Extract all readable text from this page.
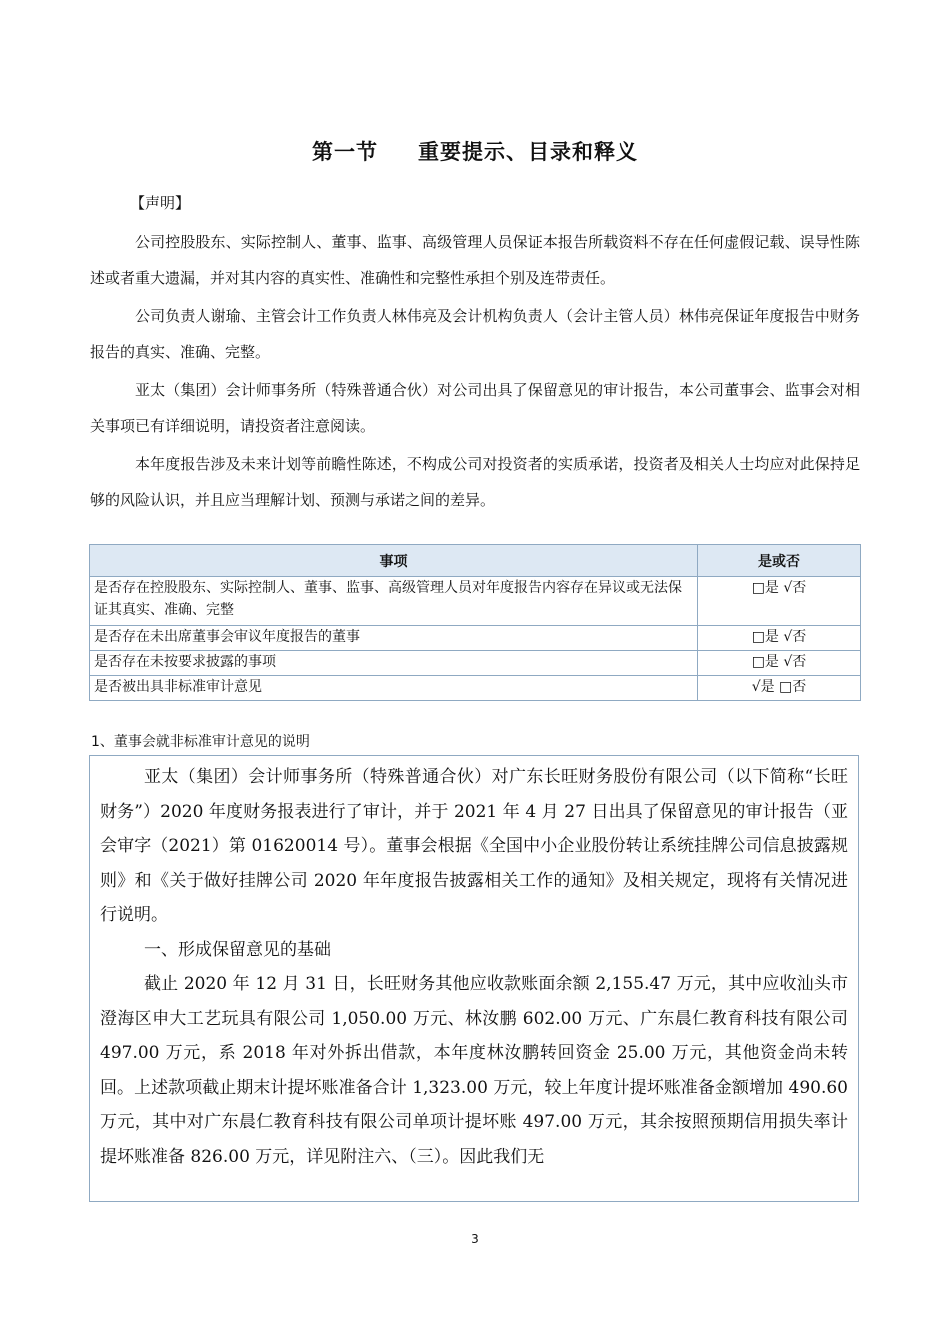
第一节 重要提示、目录和释义
【声明】

公司控股股东、实际控制人、董事、监事、高级管理人员保证本报告所载资料不存在任何虚假记载、误导性陈述或者重大遗漏，并对其内容的真实性、准确性和完整性承担个别及连带责任。

公司负责人谢瑜、主管会计工作负责人林伟亮及会计机构负责人（会计主管人员）林伟亮保证年度报告中财务报告的真实、准确、完整。

亚太（集团）会计师事务所（特殊普通合伙）对公司出具了保留意见的审计报告，本公司董事会、监事会对相关事项已有详细说明，请投资者注意阅读。

本年度报告涉及未来计划等前瞻性陈述，不构成公司对投资者的实质承诺，投资者及相关人士均应对此保持足够的风险认识，并且应当理解计划、预测与承诺之间的差异。

事项	是或否
是否存在控股股东、实际控制人、董事、监事、高级管理人员对年度报告内容存在异议或无法保证其真实、准确、完整	□是 √否
是否存在未出席董事会审议年度报告的董事	□是 √否
是否存在未按要求披露的事项	□是 √否
是否被出具非标准审计意见	√是 □否
1、董事会就非标准审计意见的说明

亚太（集团）会计师事务所（特殊普通合伙）对广东长旺财务股份有限公司（以下简称“长旺财务”）2020 年度财务报表进行了审计，并于 2021 年 4 月 27 日出具了保留意见的审计报告（亚会审字（2021）第 01620014 号）。董事会根据《全国中小企业股份转让系统挂牌公司信息披露规则》和《关于做好挂牌公司 2020 年年度报告披露相关工作的通知》及相关规定，现将有关情况进行说明。

一、形成保留意见的基础

截止 2020 年 12 月 31 日，长旺财务其他应收款账面余额 2,155.47 万元，其中应收汕头市澄海区申大工艺玩具有限公司 1,050.00 万元、林汝鹏 602.00 万元、广东晨仁教育科技有限公司 497.00 万元，系 2018 年对外拆出借款，本年度林汝鹏转回资金 25.00 万元，其他资金尚未转回。上述款项截止期末计提坏账准备合计 1,323.00 万元，较上年度计提坏账准备金额增加 490.60 万元，其中对广东晨仁教育科技有限公司单项计提坏账 497.00 万元，其余按照预期信用损失率计提坏账准备 826.00 万元，详见附注六、（三）。因此我们无

3
